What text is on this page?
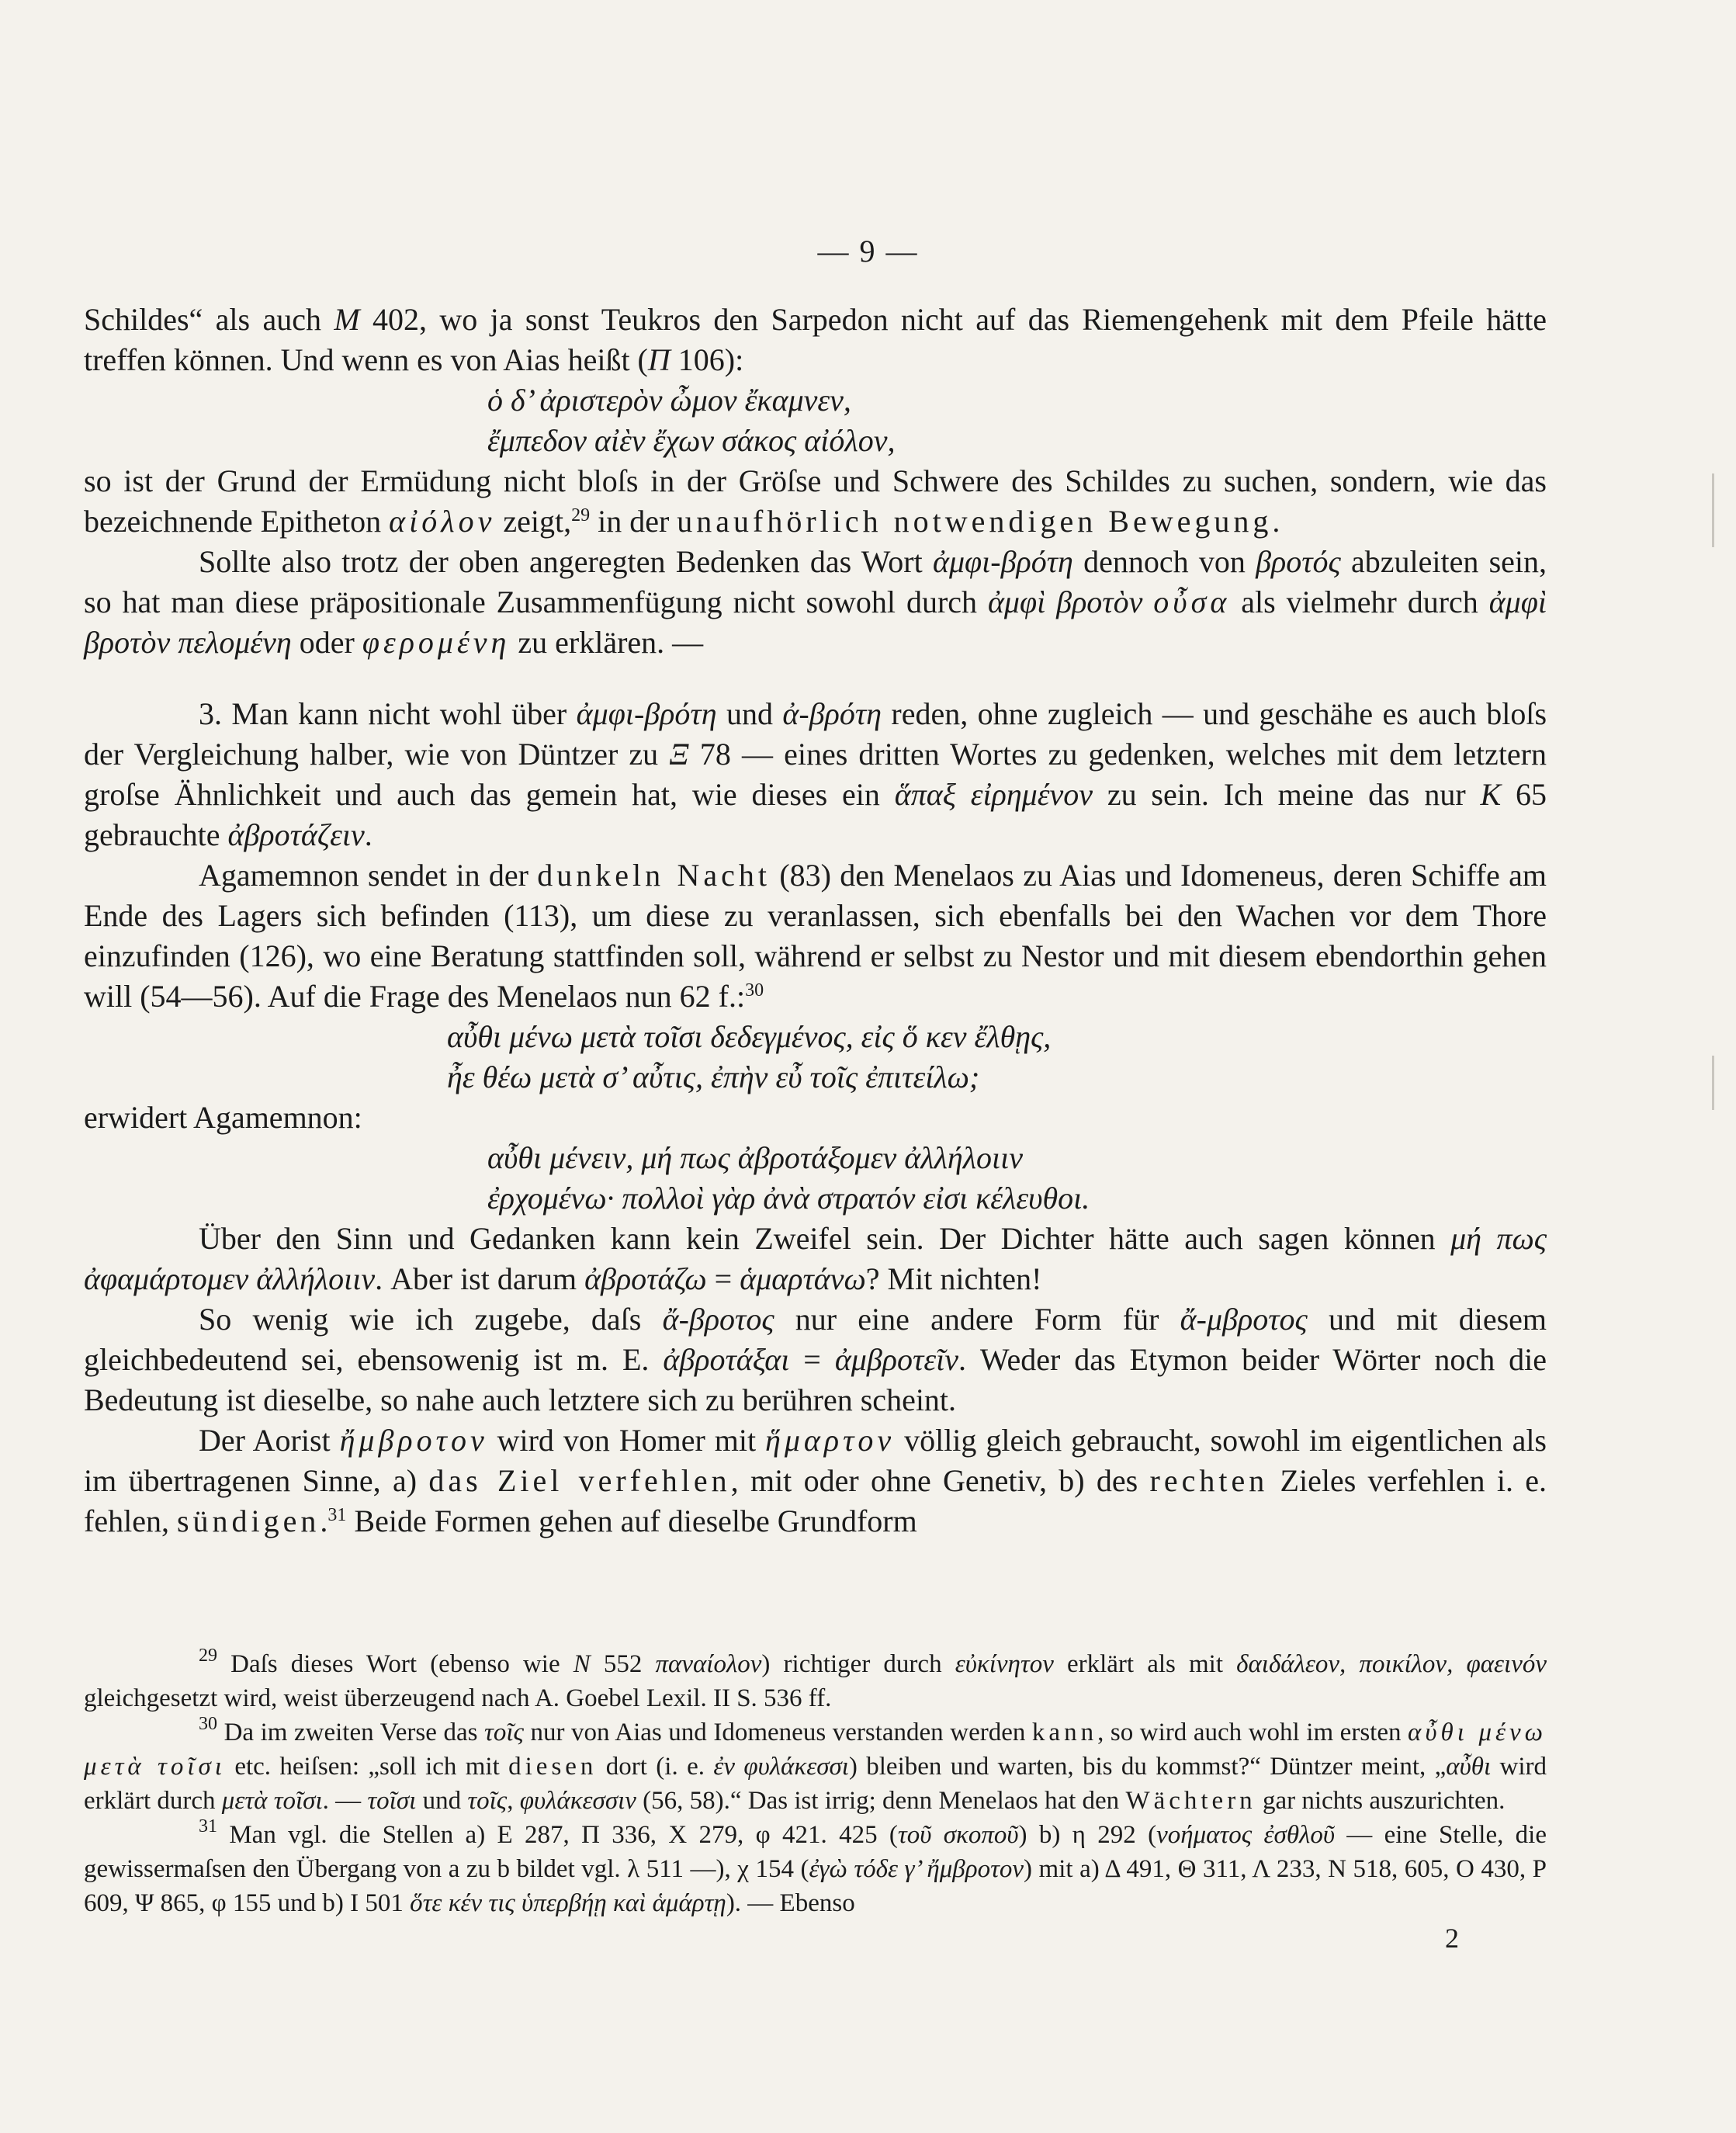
— 9 —

Schildes“ als auch M 402, wo ja sonst Teukros den Sarpedon nicht auf das Riemengehenk mit dem Pfeile hätte treffen können. Und wenn es von Aias heißt (Π 106):

ὁ δ’ ἀριστερὸν ὦμον ἔκαμνεν,

ἔμπεδον αἰὲν ἔχων σάκος αἰόλον,

so ist der Grund der Ermüdung nicht bloſs in der Gröſse und Schwere des Schildes zu suchen, sondern, wie das bezeichnende Epitheton αἰόλον zeigt,$^{29}$ in der unaufhörlich notwendigen Bewegung.

Sollte also trotz der oben angeregten Bedenken das Wort ἀμφι-βρότη dennoch von βροτός abzuleiten sein, so hat man diese präpositionale Zusammenfügung nicht sowohl durch ἀμφὶ βροτὸν οὖσα als vielmehr durch ἀμφὶ βροτὸν πελομένη oder φερομένη zu erklären. —

3. Man kann nicht wohl über ἀμφι-βρότη und ἀ-βρότη reden, ohne zugleich — und geschähe es auch bloſs der Vergleichung halber, wie von Düntzer zu Ξ 78 — eines dritten Wortes zu gedenken, welches mit dem letztern groſse Ähnlichkeit und auch das gemein hat, wie dieses ein ἅπαξ εἰρημένον zu sein. Ich meine das nur K 65 gebrauchte ἀβροτάζειν.

Agamemnon sendet in der dunkeln Nacht (83) den Menelaos zu Aias und Idomeneus, deren Schiffe am Ende des Lagers sich befinden (113), um diese zu veranlassen, sich ebenfalls bei den Wachen vor dem Thore einzufinden (126), wo eine Beratung stattfinden soll, während er selbst zu Nestor und mit diesem ebendorthin gehen will (54—56). Auf die Frage des Menelaos nun 62 f.:$^{30}$

αὖθι μένω μετὰ τοῖσι δεδεγμένος, εἰς ὅ κεν ἔλθῃς,

ἦε θέω μετὰ σ’ αὖτις, ἐπὴν εὖ τοῖς ἐπιτείλω;

erwidert Agamemnon:

αὖθι μένειν, μή πως ἀβροτάξομεν ἀλλήλοιιν

ἐρχομένω· πολλοὶ γὰρ ἀνὰ στρατόν εἰσι κέλευθοι.

Über den Sinn und Gedanken kann kein Zweifel sein. Der Dichter hätte auch sagen können μή πως ἀφαμάρτομεν ἀλλήλοιιν. Aber ist darum ἀβροτάζω = ἁμαρτάνω? Mit nichten!

So wenig wie ich zugebe, daſs ἄ-βροτος nur eine andere Form für ἄ-μβροτος und mit diesem gleichbedeutend sei, ebensowenig ist m. E. ἀβροτάξαι = ἀμβροτεῖν. Weder das Etymon beider Wörter noch die Bedeutung ist dieselbe, so nahe auch letztere sich zu berühren scheint.

Der Aorist ἤμβροτον wird von Homer mit ἥμαρτον völlig gleich gebraucht, sowohl im eigentlichen als im übertragenen Sinne, a) das Ziel verfehlen, mit oder ohne Genetiv, b) des rechten Zieles verfehlen i. e. fehlen, sündigen.$^{31}$ Beide Formen gehen auf dieselbe Grundform

$^{29}$ Daſs dieses Wort (ebenso wie N 552 παναίολον) richtiger durch εὐκίνητον erklärt als mit δαιδάλεον, ποικίλον, φαεινόν gleichgesetzt wird, weist überzeugend nach A. Goebel Lexil. II S. 536 ff.

$^{30}$ Da im zweiten Verse das τοῖς nur von Aias und Idomeneus verstanden werden kann, so wird auch wohl im ersten αὖθι μένω μετὰ τοῖσι etc. heiſsen: „soll ich mit diesen dort (i. e. ἐν φυλάκεσσι) bleiben und warten, bis du kommst?“ Düntzer meint, „αὖθι wird erklärt durch μετὰ τοῖσι. — τοῖσι und τοῖς, φυλάκεσσιν (56, 58).“ Das ist irrig; denn Menelaos hat den Wächtern gar nichts auszurichten.

$^{31}$ Man vgl. die Stellen a) E 287, Π 336, X 279, φ 421. 425 (τοῦ σκοποῦ) b) η 292 (νοήματος ἐσθλοῦ — eine Stelle, die gewissermaſsen den Übergang von a zu b bildet vgl. λ 511 —), χ 154 (ἐγὼ τόδε γ’ ἤμβροτον) mit a) Δ 491, Θ 311, Λ 233, N 518, 605, O 430, P 609, Ψ 865, φ 155 und b) I 501 ὅτε κέν τις ὑπερβήῃ καὶ ἁμάρτῃ). — Ebenso

2
